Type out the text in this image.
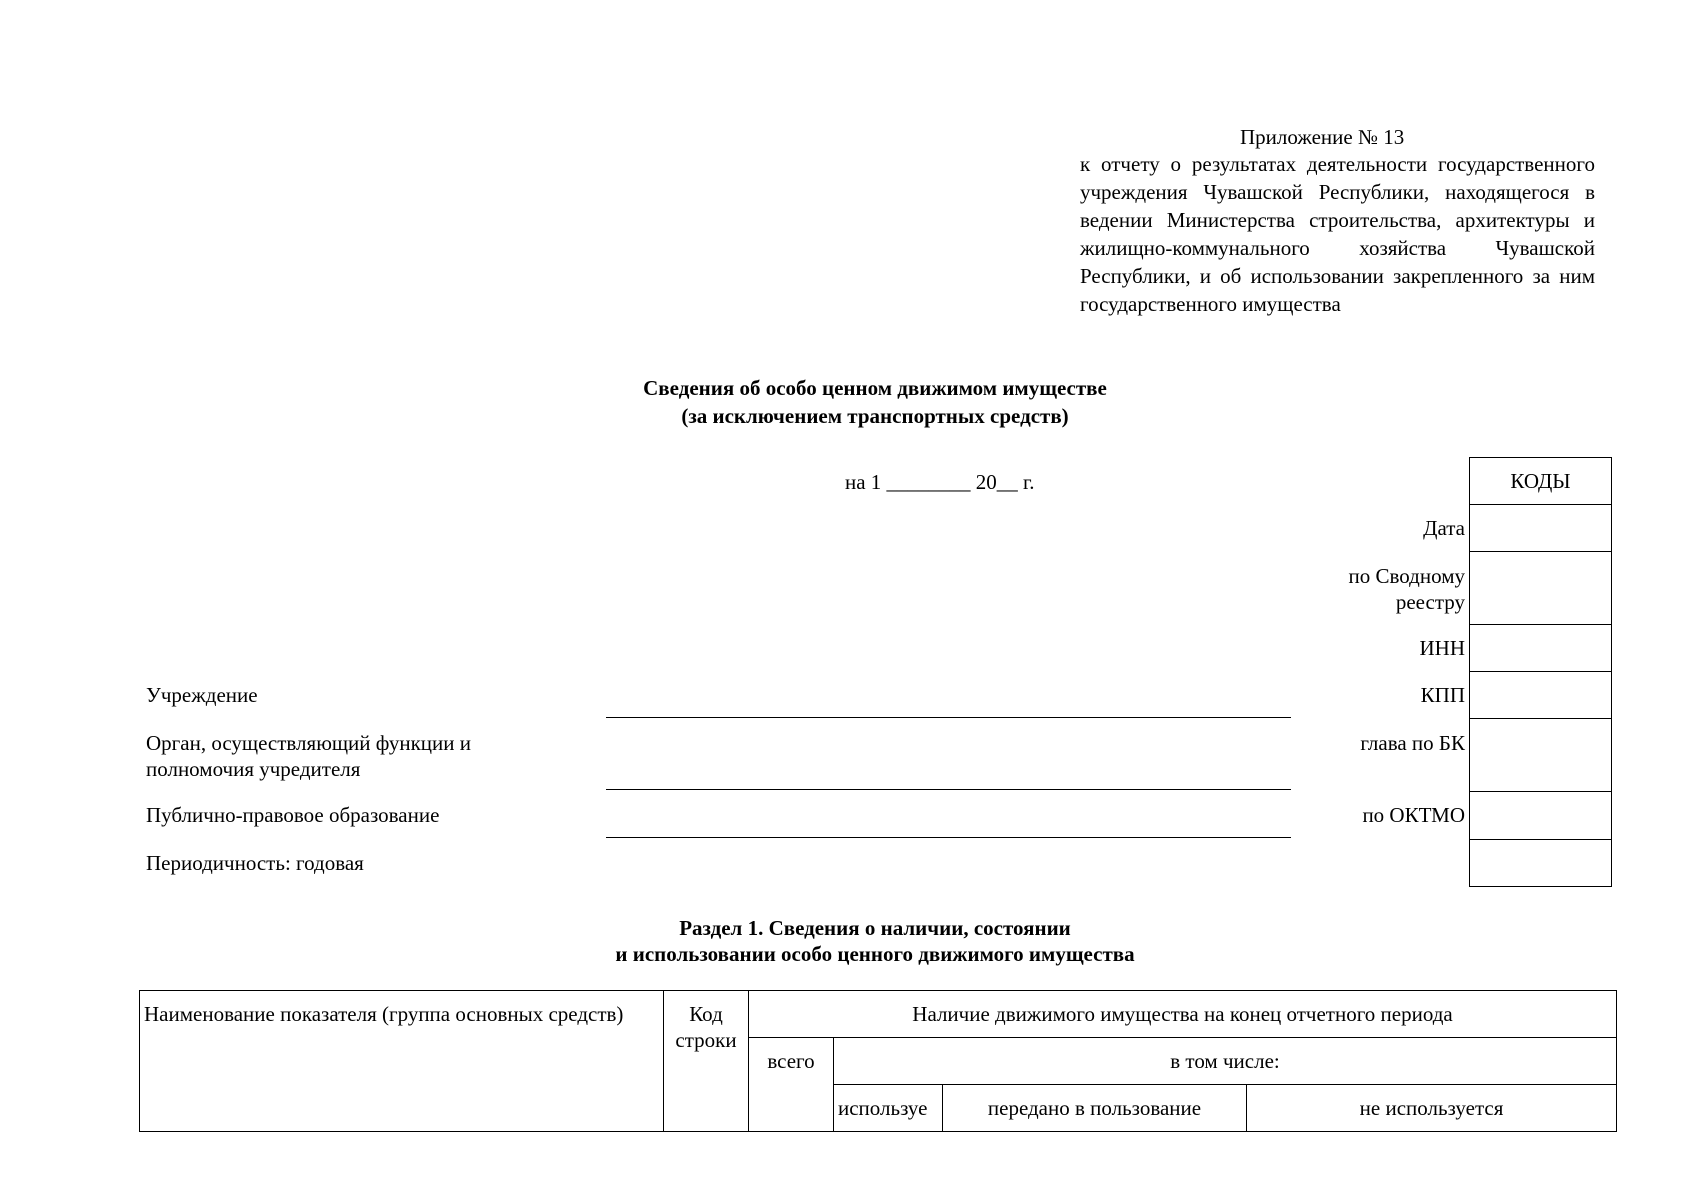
Приложение № 13
к отчету о результатах деятельности государственного учреждения Чувашской Республики, находящегося в ведении Министерства строительства, архитектуры и жилищно-коммунального хозяйства Чувашской Республики, и об использовании закрепленного за ним государственного имущества
Сведения об особо ценном движимом имуществе
(за исключением транспортных средств)
на 1 ________ 20__ г.	КОДЫ
Дата
по Сводному
реестру
ИНН
КПП
глава по БК
по ОКТМО
Учреждение
Орган, осуществляющий функции и
полномочия учредителя
Публично-правовое образование
Периодичность: годовая
Раздел 1. Сведения о наличии, состоянии
и использовании особо ценного движимого имущества
Наименование показателя (группа основных средств)	Код строки	Наличие движимого имущества на конец отчетного периода			
		всего	в том числе:		
			используе	передано в пользование	не используется
